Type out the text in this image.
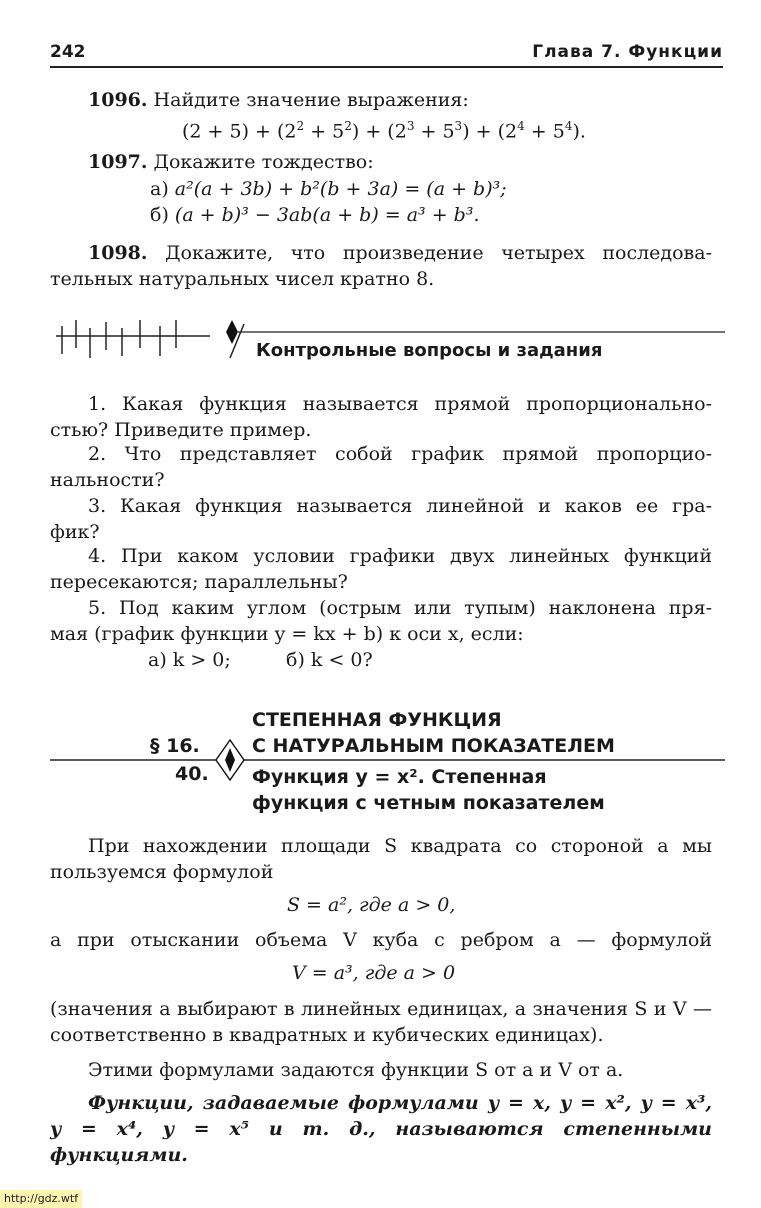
242	Глава 7. Функции
1096. Найдите значение выражения:
$(2 + 5) + (2^2 + 5^2) + (2^3 + 5^3) + (2^4 + 5^4)$.
1097. Докажите тождество:
а) a²(a + 3b) + b²(b + 3a) = (a + b)³;
б) (a + b)³ − 3ab(a + b) = a³ + b³.
1098. Докажите, что произведение четырех последова-
тельных натуральных чисел кратно 8.
Контрольные вопросы и задания
1. Какая функция называется прямой пропорционально-
стью? Приведите пример.
2. Что представляет собой график прямой пропорцио-
нальности?
3. Какая функция называется линейной и каков ее гра-
фик?
4. При каком условии графики двух линейных функций
пересекаются; параллельны?
5. Под каким углом (острым или тупым) наклонена пря-
мая (график функции y = kx + b) к оси x, если:
а) k > 0;	б) k < 0?
СТЕПЕННАЯ ФУНКЦИЯ
§ 16.	С НАТУРАЛЬНЫМ ПОКАЗАТЕЛЕМ
40. Функция y = x². Степенная
функция с четным показателем
При нахождении площади S квадрата со стороной a мы
пользуемся формулой
S = a², где a > 0,
а при отыскании объема V куба с ребром a — формулой
V = a³, где a > 0
(значения a выбирают в линейных единицах, а значения S и V —
соответственно в квадратных и кубических единицах).
Этими формулами задаются функции S от a и V от a.
Функции, задаваемые формулами y = x, y = x², y = x³,
y = x⁴, y = x⁵ и т. д., называются степенными функциями.
http://gdz.wtf
